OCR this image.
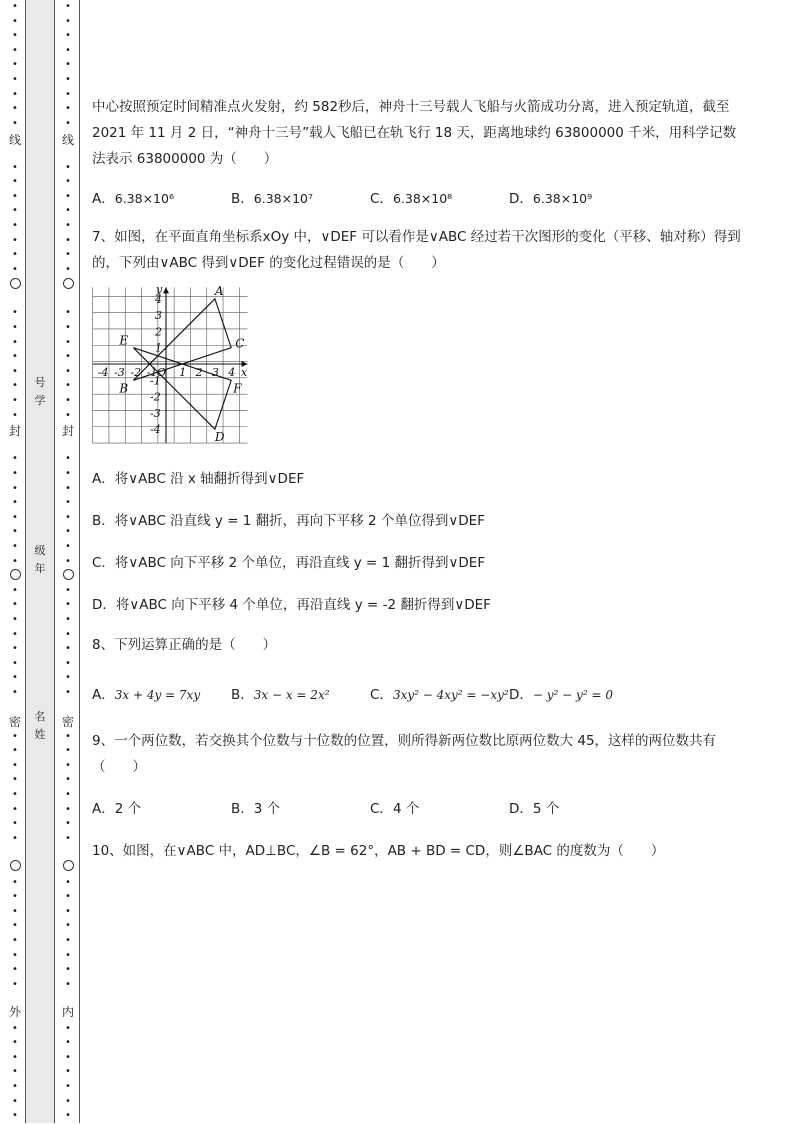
•
•
•
•
•
•
•
•
•
•
•
•
•
•
•
•
•
•
•
•
•
•
•
•
•
•
•
•
•
•
•
•
•
•
•
•
•
•
•
•
•
•
•
•
•
•
•
•
•
•
•
•
•
•
•
•
•
•
•
•
•
•
•
•
•
•
•
•
•
•
•
•
•
•
•
•
•
•
•
•
•
•
•
•
•
•
•
•
•
•
•
•
•
•
•
•
•
•
•
•
•
•
•
•
•
•
•
•
•
•
•
•
•
•
•
•
•
•
•
•
•
•
•
•
•
•
•
•
线
封
密
外
线
封
密
内
号
学
级
年
名
姓

中心按照预定时间精准点火发射，约 582秒后，神舟十三号载人飞船与火箭成功分离，进入预定轨道，截至 2021 年 11 月 2 日，“神舟十三号”载人飞船已在轨飞行 18 天，距离地球约 63800000 千米，用科学记数法表示 63800000 为（　　）

A．6.38×10⁶	B．6.38×10⁷	C．6.38×10⁸	D．6.38×10⁹

7、如图，在平面直角坐标系xOy 中，∨DEF 可以看作是∨ABC 经过若干次图形的变化（平移、轴对称）得到的，下列由∨ABC 得到∨DEF 的变化过程错误的是（　　）

-4 -3 -2 -1 1 2 3 4
4
3
2
1
-1
-2
-3
-4
x
y
O
A
B
C
D
E
F

A．将∨ABC 沿 x 轴翻折得到∨DEF

B．将∨ABC 沿直线 y = 1 翻折，再向下平移 2 个单位得到∨DEF

C．将∨ABC 向下平移 2 个单位，再沿直线 y = 1 翻折得到∨DEF

D．将∨ABC 向下平移 4 个单位，再沿直线 y = -2 翻折得到∨DEF

8、下列运算正确的是（　　）

A．3x + 4y = 7xy	B．3x − x = 2x²	C．3xy² − 4xy² = −xy² D．− y² − y² = 0

9、一个两位数，若交换其个位数与十位数的位置，则所得新两位数比原两位数大 45，这样的两位数共有（　　）

A．2 个	B．3 个	C．4 个	D．5 个

10、如图，在∨ABC 中，AD⊥BC，∠B = 62°，AB + BD = CD，则∠BAC 的度数为（　　）
